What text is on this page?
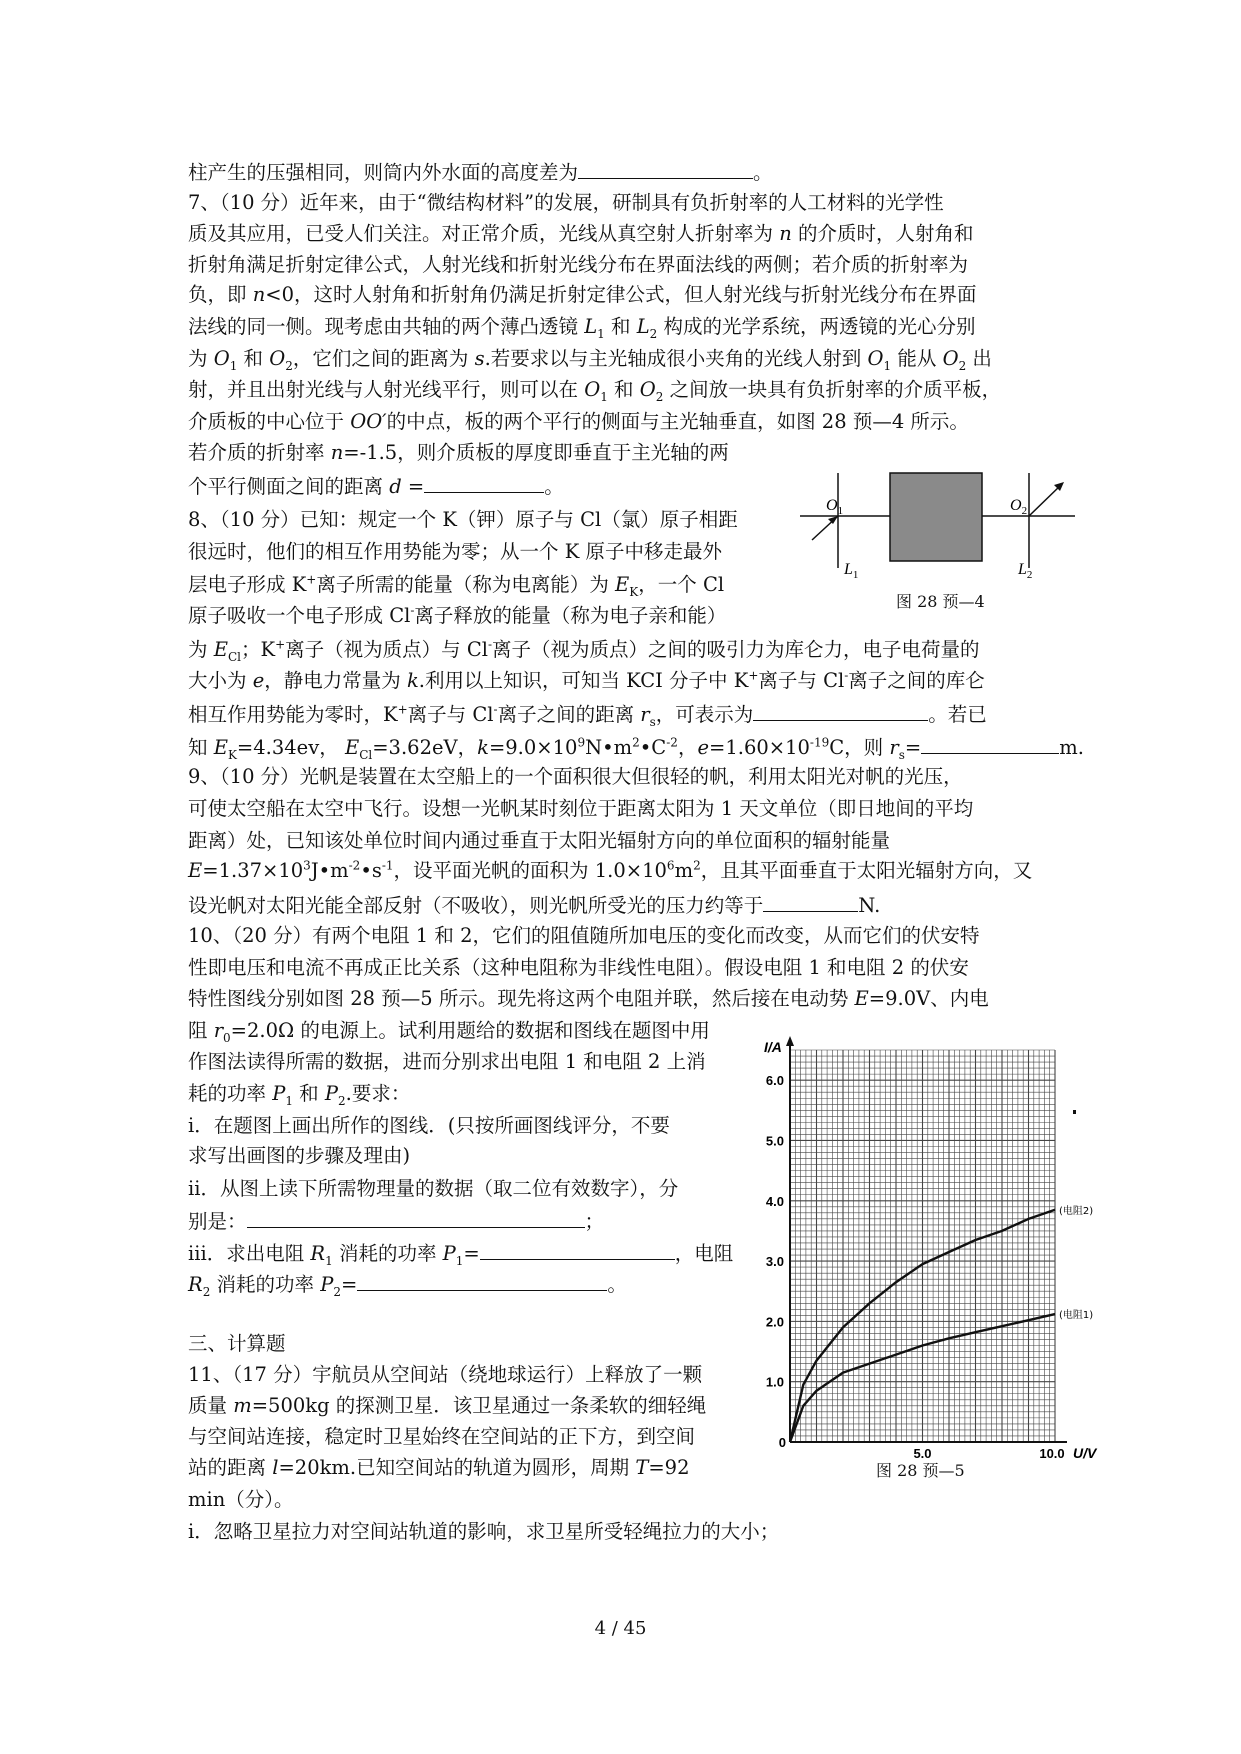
柱产生的压强相同，则筒内外水面的高度差为	。
7、（10 分）近年来，由于“微结构材料”的发展，研制具有负折射率的人工材料的光学性
质及其应用，已受人们关注。对正常介质，光线从真空射人折射率为 n 的介质时，人射角和
折射角满足折射定律公式，人射光线和折射光线分布在界面法线的两侧；若介质的折射率为
负，即 n<0，这时人射角和折射角仍满足折射定律公式，但人射光线与折射光线分布在界面
法线的同一侧。现考虑由共轴的两个薄凸透镜 $L_1$ 和 $L_2$ 构成的光学系统，两透镜的光心分别
为 $O_1$ 和 $O_2$，它们之间的距离为 s.若要求以与主光轴成很小夹角的光线人射到 $O_1$ 能从 $O_2$ 出
射，并且出射光线与人射光线平行，则可以在 $O_1$ 和 $O_2$ 之间放一块具有负折射率的介质平板，
介质板的中心位于 OO′的中点，板的两个平行的侧面与主光轴垂直，如图 28 预—4 所示。
若介质的折射率 n=-1.5，则介质板的厚度即垂直于主光轴的两
个平行侧面之间的距离 d =	。
8、（10 分）已知：规定一个 K（钾）原子与 Cl（氯）原子相距
很远时，他们的相互作用势能为零；从一个 K 原子中移走最外
层电子形成 K+离子所需的能量（称为电离能）为 $E_K$，一个 Cl
原子吸收一个电子形成 Cl-离子释放的能量（称为电子亲和能）
为 $E_{Cl}$；K+离子（视为质点）与 Cl-离子（视为质点）之间的吸引力为库仑力，电子电荷量的
大小为 e，静电力常量为 k.利用以上知识，可知当 KCI 分子中 K+离子与 Cl-离子之间的库仑
相互作用势能为零时，K+离子与 Cl-离子之间的距离 $r_s$，可表示为	。若已
知 $E_K=4.34ev$， $E_{Cl}=3.62eV$，$k=9.0\times 10^9N•m^2•C^{-2}$，$e=1.60\times 10^{-19}C$，则 $r_s=$	m.
9、（10 分）光帆是装置在太空船上的一个面积很大但很轻的帆，利用太阳光对帆的光压，
可使太空船在太空中飞行。设想一光帆某时刻位于距离太阳为 1 天文单位（即日地间的平均
距离）处，已知该处单位时间内通过垂直于太阳光辐射方向的单位面积的辐射能量
$E=1.37\times 10^3J•m^{-2}•s^{-1}$，设平面光帆的面积为 $1.0\times 10^6m^2$，且其平面垂直于太阳光辐射方向，又
设光帆对太阳光能全部反射（不吸收），则光帆所受光的压力约等于	N.
10、（20 分）有两个电阻 1 和 2，它们的阻值随所加电压的变化而改变，从而它们的伏安特
性即电压和电流不再成正比关系（这种电阻称为非线性电阻）。假设电阻 1 和电阻 2 的伏安
特性图线分别如图 28 预—5 所示。现先将这两个电阻并联，然后接在电动势 E=9.0V、内电
阻 $r_0=2.0\Omega$ 的电源上。试利用题给的数据和图线在题图中用
作图法读得所需的数据，进而分别求出电阻 1 和电阻 2 上消
耗的功率 $P_1$ 和 $P_2$.要求：
i．在题图上画出所作的图线．(只按所画图线评分，不要
求写出画图的步骤及理由)
ii．从图上读下所需物理量的数据（取二位有效数字），分
别是：	；
iii．求出电阻 $R_1$ 消耗的功率 $P_1=$	，电阻
$R_2$ 消耗的功率 $P_2=$	。
三、计算题
11、（17 分）宇航员从空间站（绕地球运行）上释放了一颗
质量 m=500kg 的探测卫星．该卫星通过一条柔软的细轻绳
与空间站连接，稳定时卫星始终在空间站的正下方，到空间
站的距离 l=20km.已知空间站的轨道为圆形，周期 T=92
min（分）。
i．忽略卫星拉力对空间站轨道的影响，求卫星所受轻绳拉力的大小；
$O_1$	$O_2$
$L_1$	$L_2$
图 28 预—4
6.0
5.0
4.0
3.0
2.0
1.0
0
5.0	10.0
I/A
U/V
(电阻2)
(电阻1)
图 28 预—5
4 / 45
